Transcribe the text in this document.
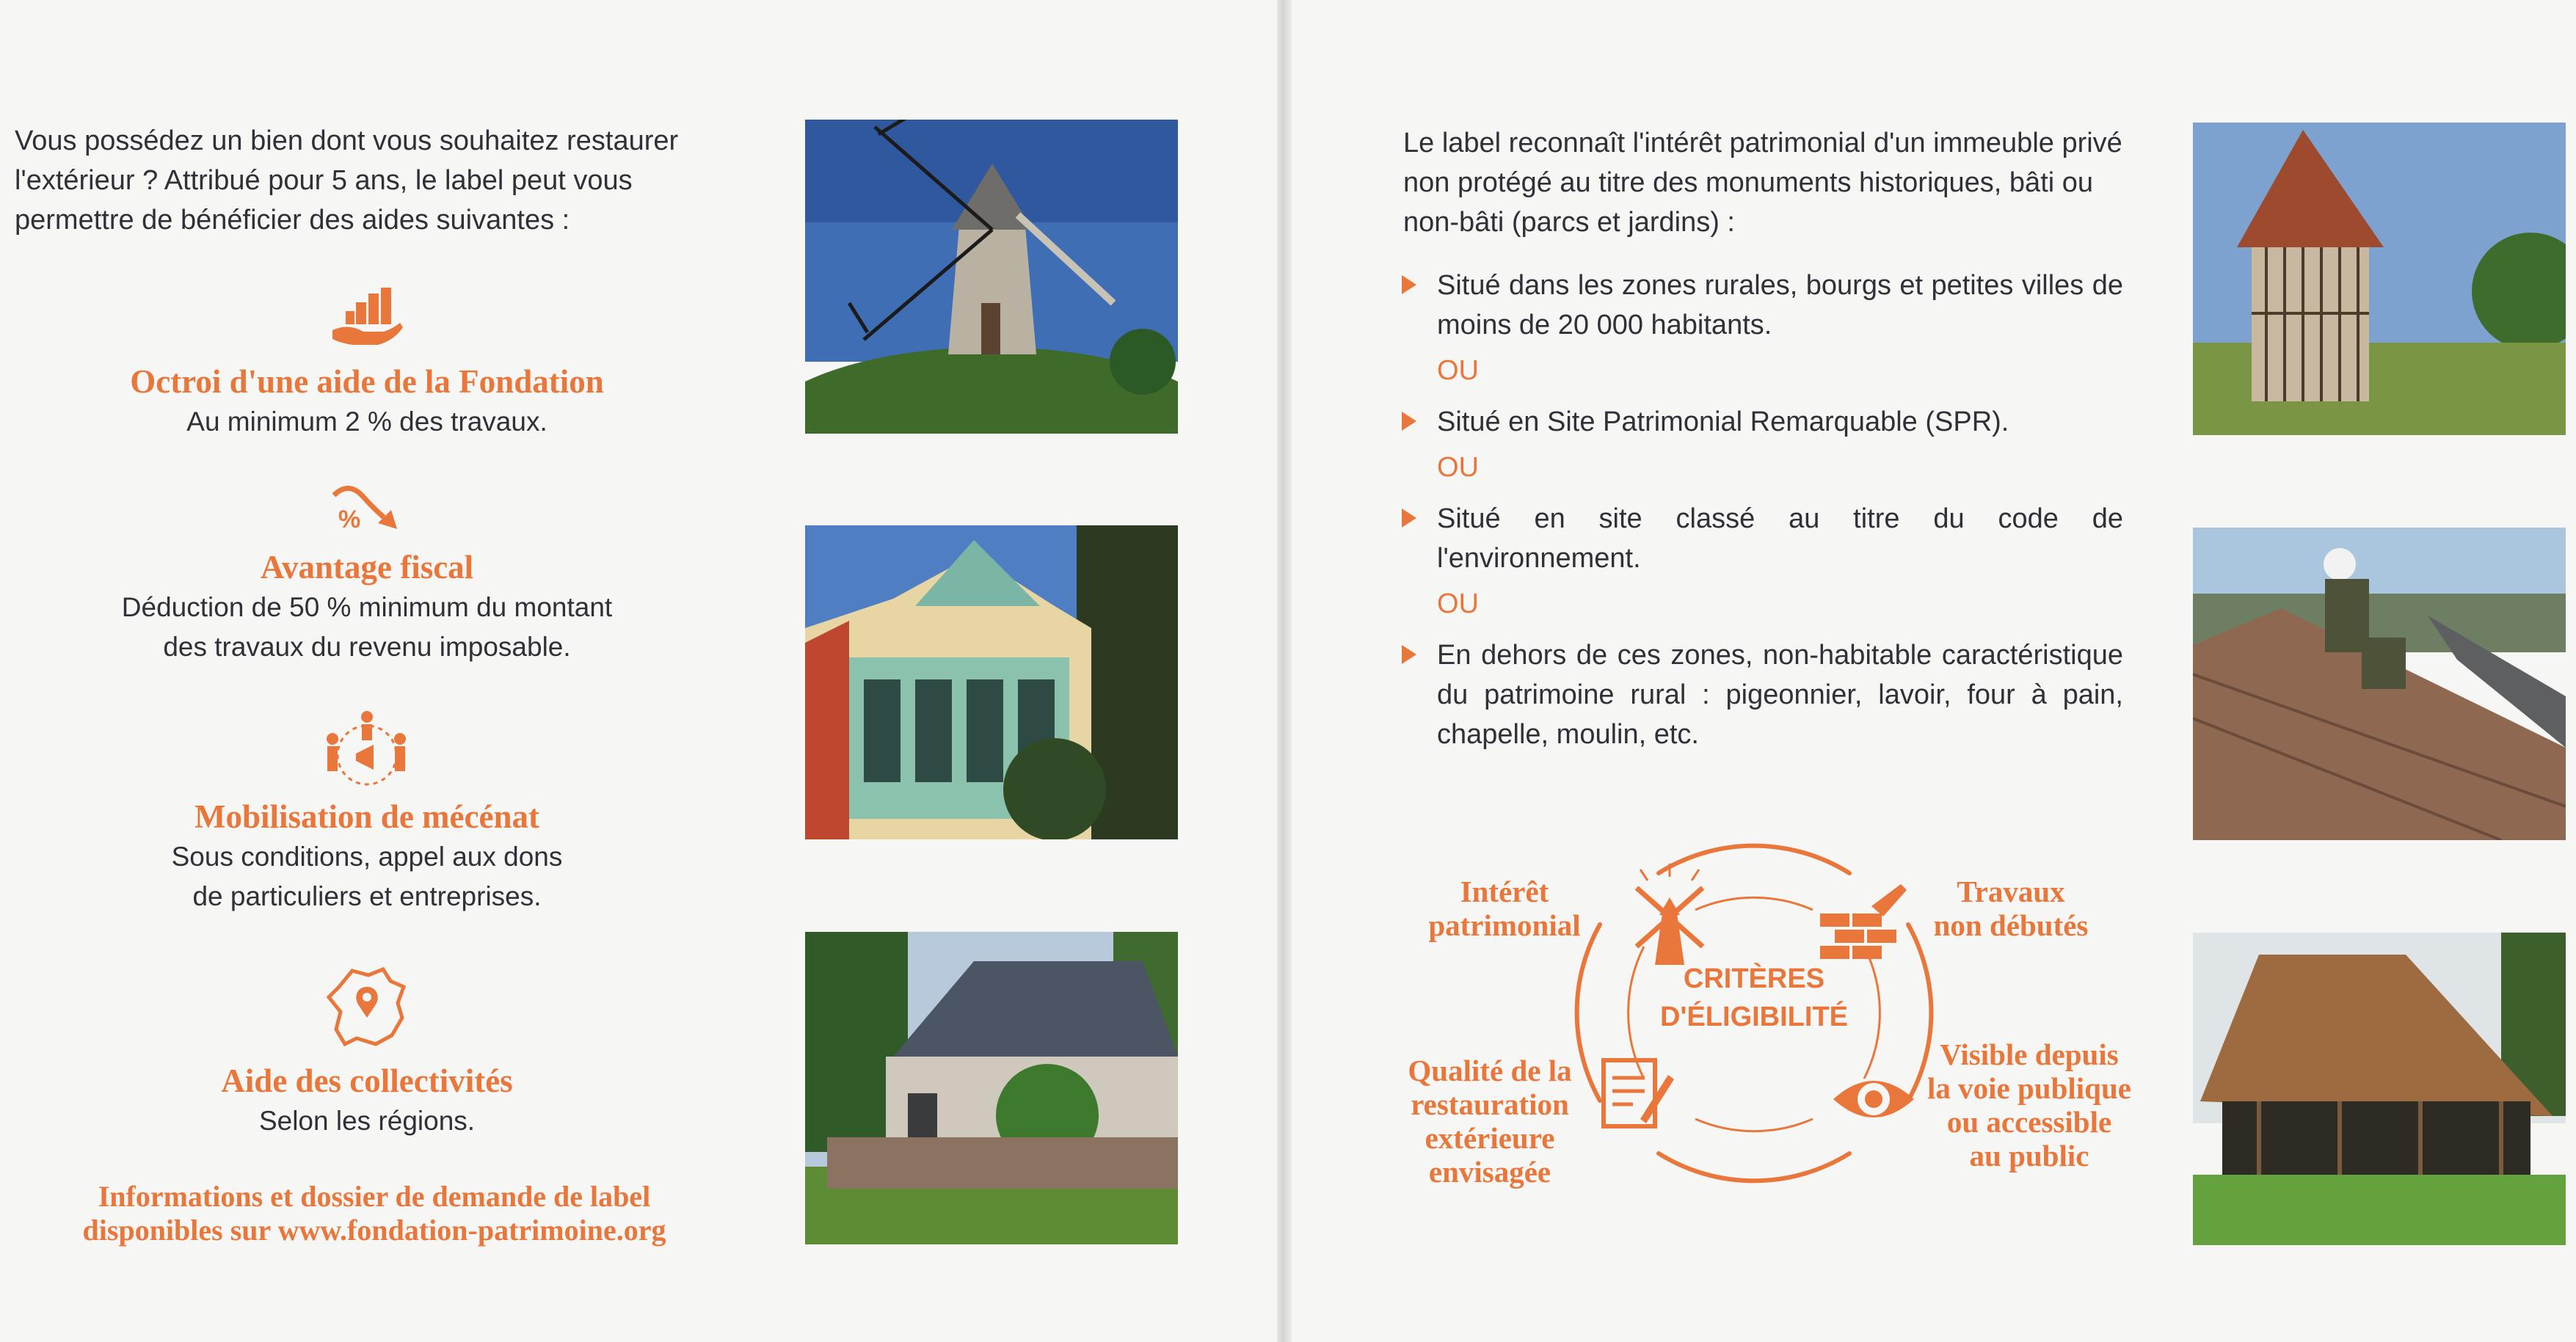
Vous possédez un bien dont vous souhaitez restaurer l'extérieur ? Attribué pour 5 ans, le label peut vous permettre de bénéficier des aides suivantes :

Octroi d'une aide de la Fondation
Au minimum 2 % des travaux.
%
Avantage fiscal
Déduction de 50 % minimum du montant
des travaux du revenu imposable.
Mobilisation de mécénat
Sous conditions, appel aux dons
de particuliers et entreprises.
Aide des collectivités
Selon les régions.
Informations et dossier de demande de label
disponibles sur www.fondation-patrimoine.org

Le label reconnaît l'intérêt patrimonial d'un immeuble privé non protégé au titre des monuments historiques, bâti ou non-bâti (parcs et jardins) :

Situé dans les zones rurales, bourgs et petites villes de moins de 20 000 habitants.
OU
Situé en Site Patrimonial Remarquable (SPR).
OU
Situé en site classé au titre du code de l'environnement.
OU
En dehors de ces zones, non-habitable caractéristique du patrimoine rural : pigeonnier, lavoir, four à pain, chapelle, moulin, etc.
CRITÈRES
D'ÉLIGIBILITÉ
Intérêt
patrimonial
Travaux
non débutés
Visible depuis
la voie publique
ou accessible
au public
Qualité de la
restauration
extérieure
envisagée
